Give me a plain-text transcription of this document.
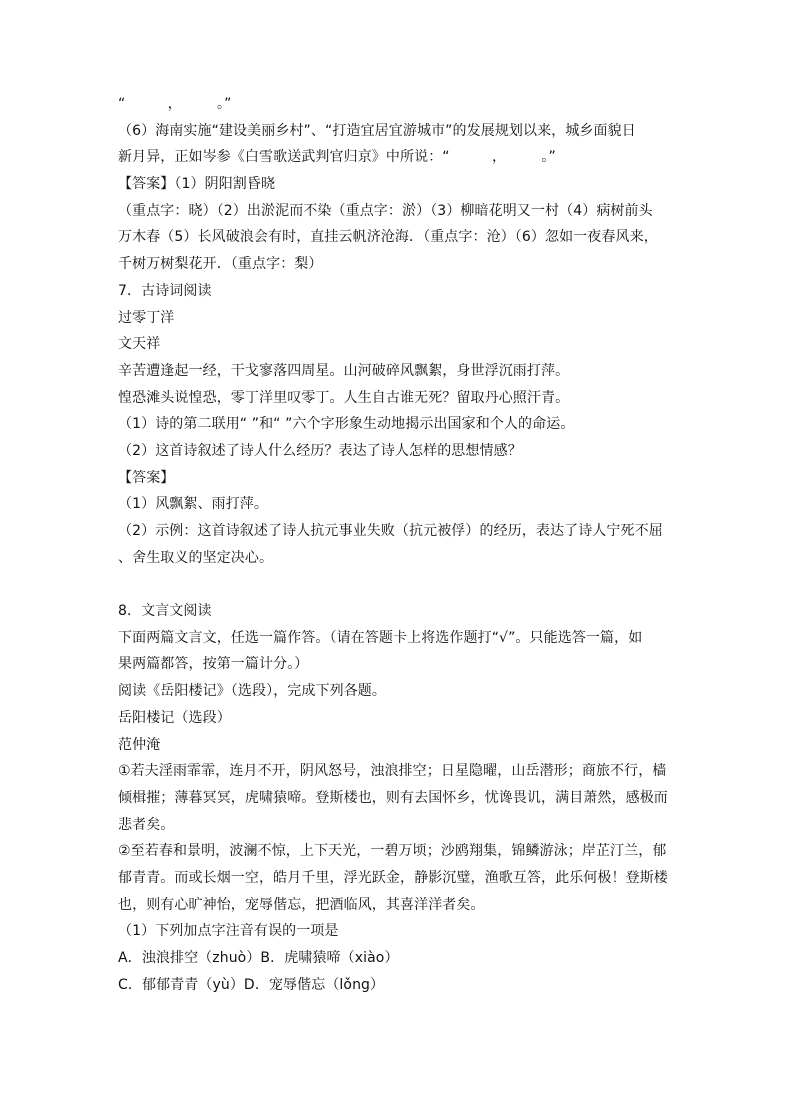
“　　　，　　　。”
（6）海南实施“建设美丽乡村”、“打造宜居宜游城市”的发展规划以来，城乡面貌日
新月异，正如岑参《白雪歌送武判官归京》中所说：“　　　，　　　。”
【答案】（1）阴阳割昏晓
（重点字：晓）（2）出淤泥而不染（重点字：淤）（3）柳暗花明又一村（4）病树前头
万木春（5）长风破浪会有时，直挂云帆济沧海．（重点字：沧）（6）忽如一夜春风来，
千树万树梨花开．（重点字：梨）
7．古诗词阅读
过零丁洋
文天祥
辛苦遭逢起一经，干戈寥落四周星。山河破碎风飘絮，身世浮沉雨打萍。
惶恐滩头说惶恐，零丁洋里叹零丁。人生自古谁无死？留取丹心照汗青。
（1）诗的第二联用“ ”和“ ”六个字形象生动地揭示出国家和个人的命运。
（2）这首诗叙述了诗人什么经历？表达了诗人怎样的思想情感？
【答案】
（1）风飘絮、雨打萍。
（2）示例：这首诗叙述了诗人抗元事业失败（抗元被俘）的经历，表达了诗人宁死不屈
、舍生取义的坚定决心。
8．文言文阅读
下面两篇文言文，任选一篇作答。（请在答题卡上将选作题打“√”。只能选答一篇，如
果两篇都答，按第一篇计分。）
阅读《岳阳楼记》（选段），完成下列各题。
岳阳楼记（选段）
范仲淹
①若夫淫雨霏霏，连月不开，阴风怒号，浊浪排空；日星隐曜，山岳潜形；商旅不行，樯
倾楫摧；薄暮冥冥，虎啸猿啼。登斯楼也，则有去国怀乡，忧谗畏讥，满目萧然，感极而
悲者矣。
②至若春和景明，波澜不惊，上下天光，一碧万顷；沙鸥翔集，锦鳞游泳；岸芷汀兰，郁
郁青青。而或长烟一空，皓月千里，浮光跃金，静影沉璧，渔歌互答，此乐何极！登斯楼
也，则有心旷神怡，宠辱偕忘，把酒临风，其喜洋洋者矣。
（1）下列加点字注音有误的一项是
A．浊浪排空（zhuò）B．虎啸猿啼（xiào）
C．郁郁青青（yù）D．宠辱偕忘（lǒng）
